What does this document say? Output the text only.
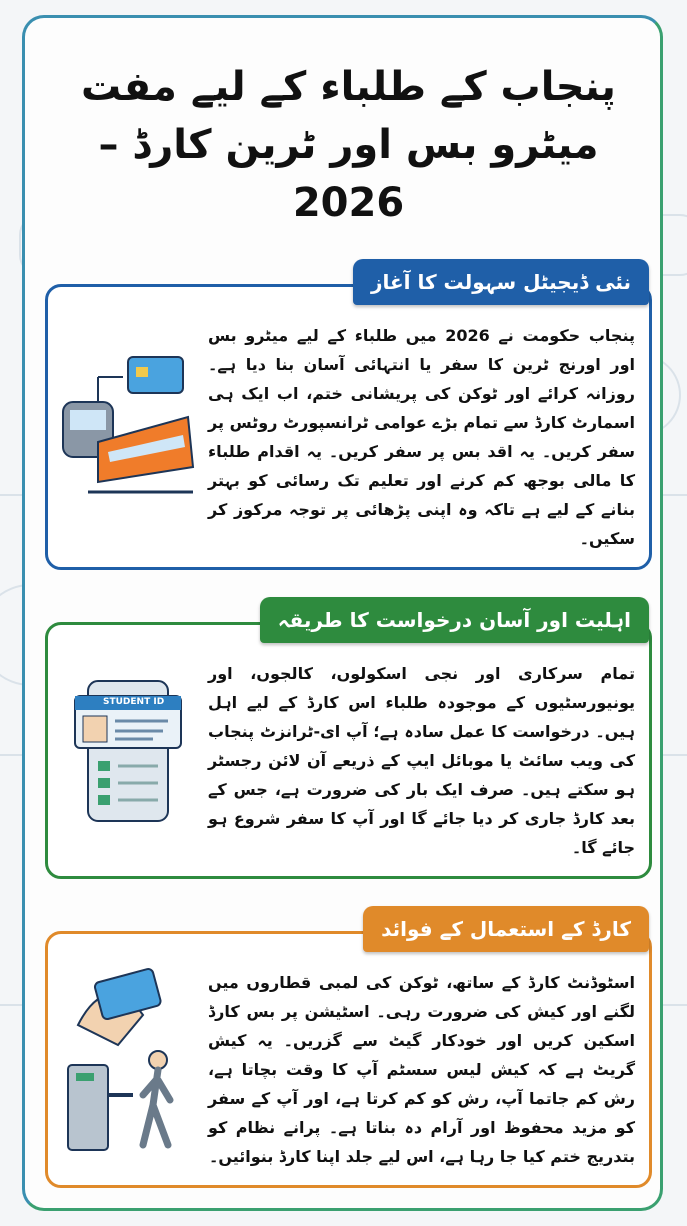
پنجاب کے طلباء کے لیے مفت
میٹرو بس اور ٹرین کارڈ – 2026
نئی ڈیجیٹل سہولت کا آغاز
پنجاب حکومت نے 2026 میں طلباء کے لیے میٹرو بس اور اورنج ٹرین کا سفر یا انتہائی آسان بنا دیا ہے۔ روزانہ کرائے اور ٹوکن کی پریشانی ختم، اب ایک ہی اسمارٹ کارڈ سے تمام بڑے عوامی ٹرانسپورٹ روٹس پر سفر کریں۔ یہ اقد بس پر سفر کریں۔ یہ اقدام طلباء کا مالی بوجھ کم کرنے اور تعلیم تک رسائی کو بہتر بنانے کے لیے ہے تاکہ وہ اپنی پڑھائی پر توجہ مرکوز کر سکیں۔
اہلیت اور آسان درخواست کا طریقہ
STUDENT ID
تمام سرکاری اور نجی اسکولوں، کالجوں، اور یونیورسٹیوں کے موجودہ طلباء اس کارڈ کے لیے اہل ہیں۔ درخواست کا عمل سادہ ہے؛ آپ ای-ٹرانزٹ پنجاب کی ویب سائٹ یا موبائل ایپ کے ذریعے آن لائن رجسٹر ہو سکتے ہیں۔ صرف ایک بار کی ضرورت ہے، جس کے بعد کارڈ جاری کر دیا جائے گا اور آپ کا سفر شروع ہو جائے گا۔
کارڈ کے استعمال کے فوائد
اسٹوڈنٹ کارڈ کے ساتھ، ٹوکن کی لمبی قطاروں میں لگنے اور کیش کی ضرورت رہی۔ اسٹیشن پر بس کارڈ اسکین کریں اور خودکار گیٹ سے گزریں۔ یہ کیش گریٹ ہے کہ کیش لیس سسٹم آپ کا وقت بچاتا ہے، رش کم جاتما آپ، رش کو کم کرتا ہے، اور آپ کے سفر کو مزید محفوظ اور آرام دہ بناتا ہے۔ پرانے نظام کو بتدریج ختم کیا جا رہا ہے، اس لیے جلد اپنا کارڈ بنوائیں۔
